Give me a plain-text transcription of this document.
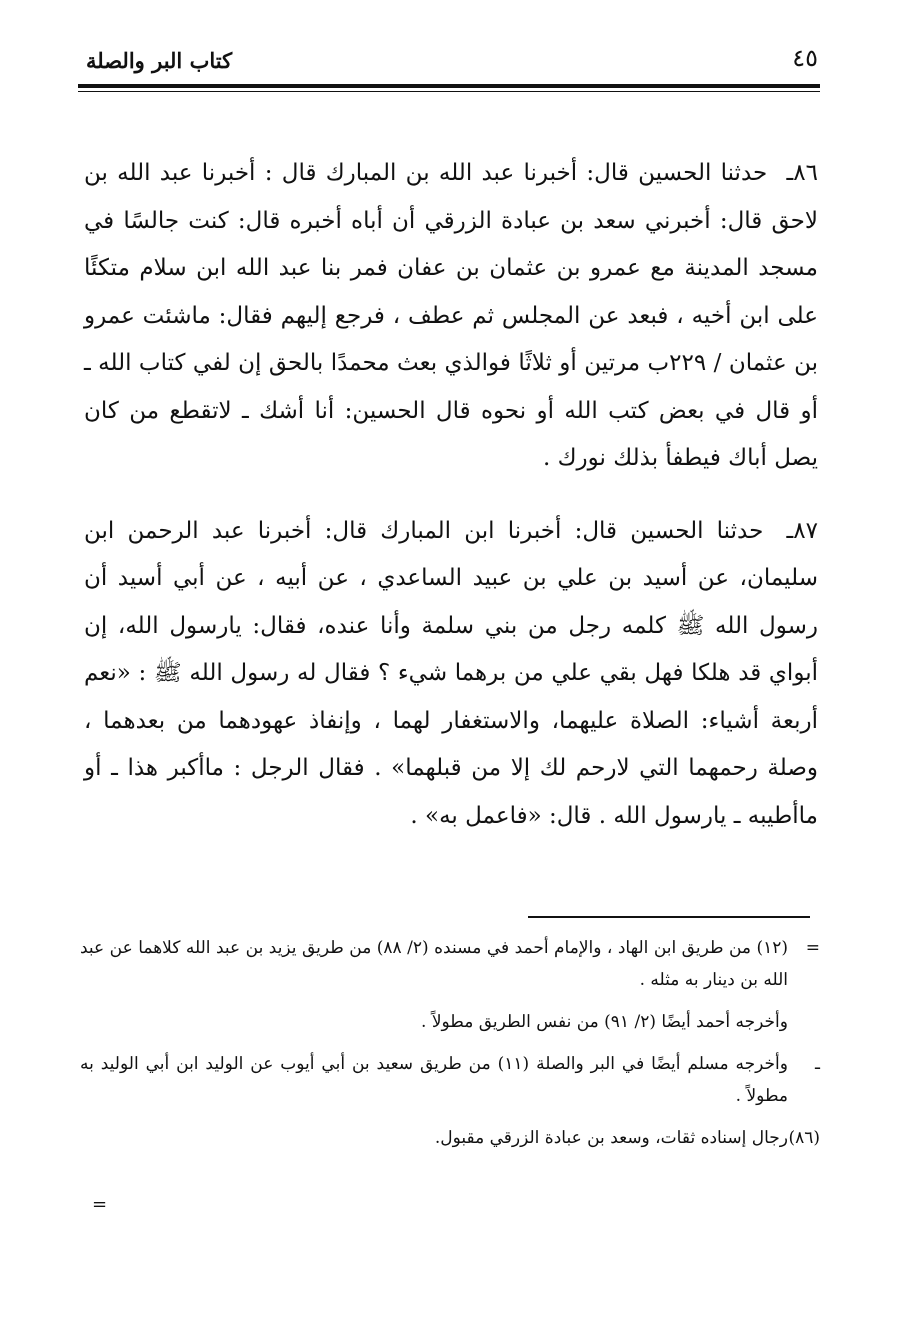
٤٥
كتاب البر والصلة

٨٦ـ حدثنا الحسين قال: أخبرنا عبد الله بن المبارك قال : أخبرنا عبد الله بن لاحق قال: أخبرني سعد بن عبادة الزرقي أن أباه أخبره قال: كنت جالسًا في مسجد المدينة مع عمرو بن عثمان بن عفان فمر بنا عبد الله ابن سلام متكئًا على ابن أخيه ، فبعد عن المجلس ثم عطف ، فرجع إليهم فقال: ماشئت عمرو بن عثمان / ٢٢٩ب مرتين أو ثلاثًا فوالذي بعث محمدًا بالحق إن لفي كتاب الله ـ أو قال في بعض كتب الله أو نحوه قال الحسين: أنا أشك ـ لاتقطع من كان يصل أباك فيطفأ بذلك نورك .

٨٧ـ حدثنا الحسين قال: أخبرنا ابن المبارك قال: أخبرنا عبد الرحمن ابن سليمان، عن أسيد بن علي بن عبيد الساعدي ، عن أبيه ، عن أبي أسيد أن رسول الله ﷺ كلمه رجل من بني سلمة وأنا عنده، فقال: يارسول الله، إن أبواي قد هلكا فهل بقي علي من برهما شيء ؟ فقال له رسول الله ﷺ : «نعم أربعة أشياء: الصلاة عليهما، والاستغفار لهما ، وإنفاذ عهودهما من بعدهما ، وصلة رحمهما التي لارحم لك إلا من قبلهما» . فقال الرجل : ماأكبر هذا ـ أو ماأطيبه ـ يارسول الله . قال: «فاعمل به» .

=
(١٢) من طريق ابن الهاد ، والإمام أحمد في مسنده (٢/ ٨٨) من طريق يزيد بن عبد الله كلاهما عن عبد الله بن دينار به مثله .
وأخرجه أحمد أيضًا (٢/ ٩١) من نفس الطريق مطولاً .
ـ
وأخرجه مسلم أيضًا في البر والصلة (١١) من طريق سعيد بن أبي أيوب عن الوليد ابن أبي الوليد به مطولاً .
(٨٦)
رجال إسناده ثقات، وسعد بن عبادة الزرقي مقبول.
=
